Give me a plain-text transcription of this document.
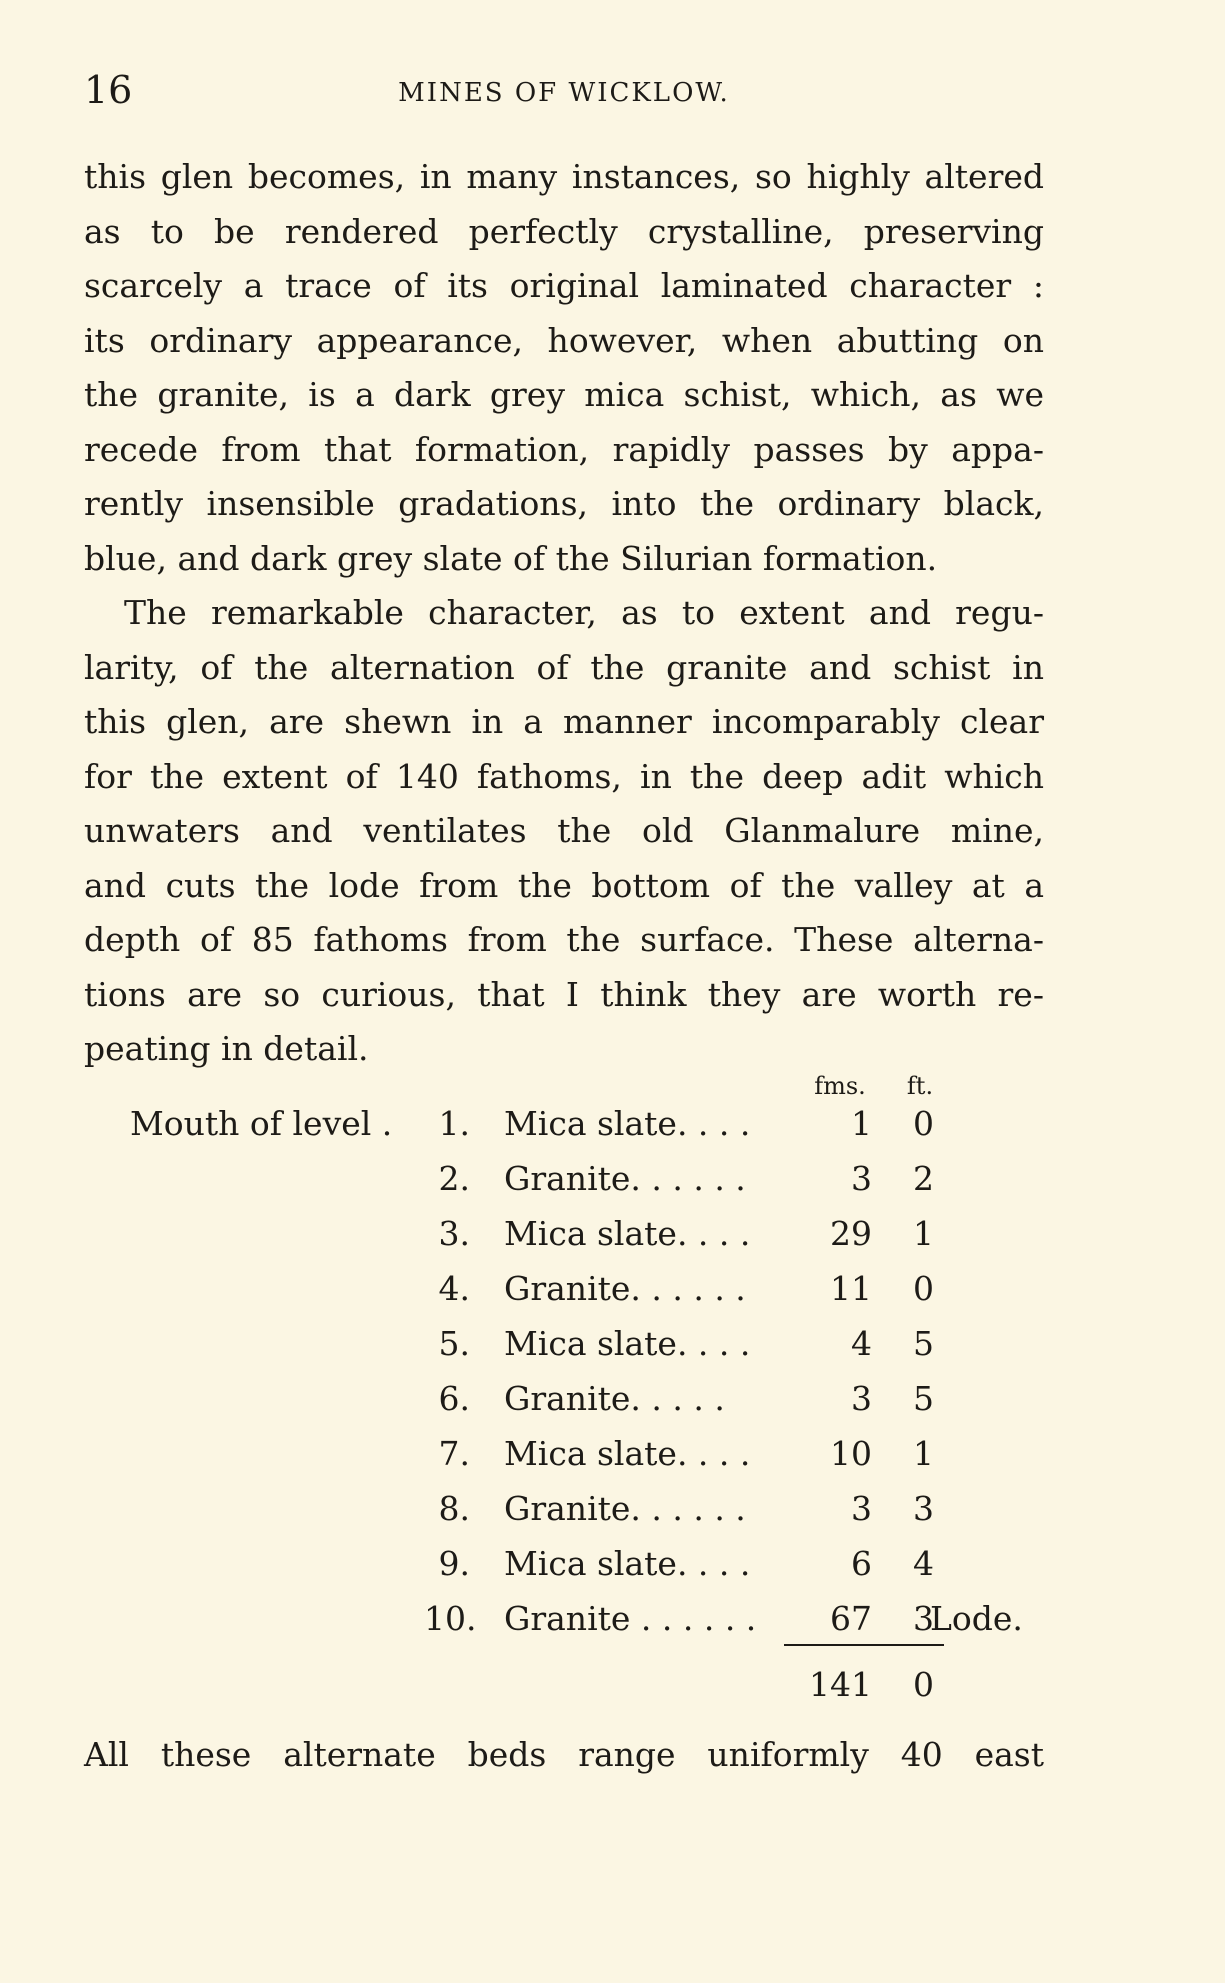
16	MINES OF WICKLOW.
this glen becomes, in many instances, so highly altered
as to be rendered perfectly crystalline, preserving
scarcely a trace of its original laminated character :
its ordinary appearance, however, when abutting on
the granite, is a dark grey mica schist, which, as we
recede from that formation, rapidly passes by appa-
rently insensible gradations, into the ordinary black,
blue, and dark grey slate of the Silurian formation.
The remarkable character, as to extent and regu-
larity, of the alternation of the granite and schist in
this glen, are shewn in a manner incomparably clear
for the extent of 140 fathoms, in the deep adit which
unwaters and ventilates the old Glanmalure mine,
and cuts the lode from the bottom of the valley at a
depth of 85 fathoms from the surface. These alterna-
tions are so curious, that I think they are worth re-
peating in detail.
fms.	ft.
Mouth of level .	1. Mica slate. . . .	1	0
2. Granite. . . . . .	3	2
3. Mica slate. . . .	29	1
4. Granite. . . . . .	11	0
5. Mica slate. . . .	4	5
6. Granite. . . . .	3	5
7. Mica slate. . . .	10	1
8. Granite. . . . . .	3	3
9. Mica slate. . . .	6	4
10. Granite . . . . . .	67	3
Lode.
141	0
All these alternate beds range uniformly 40 east
